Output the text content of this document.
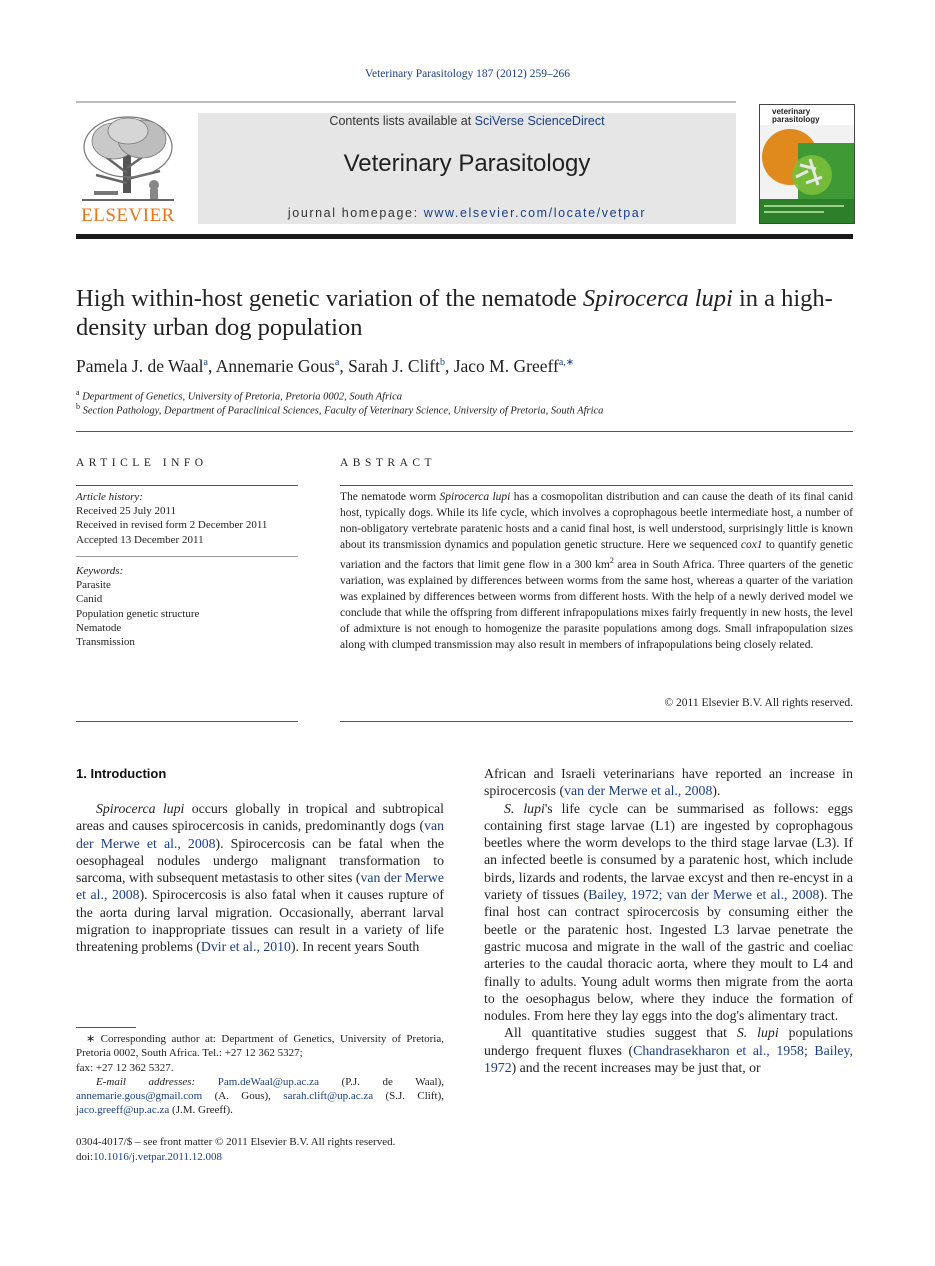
Veterinary Parasitology 187 (2012) 259–266
ELSEVIER
Contents lists available at SciVerse ScienceDirect
Veterinary Parasitology
journal homepage: www.elsevier.com/locate/vetpar
veterinary parasitology
High within-host genetic variation of the nematode Spirocerca lupi in a high-density urban dog population
Pamela J. de Waal$^a$, Annemarie Gous$^a$, Sarah J. Clift$^b$, Jaco M. Greeff$^{a,∗}$
$^a$ Department of Genetics, University of Pretoria, Pretoria 0002, South Africa
$^b$ Section Pathology, Department of Paraclinical Sciences, Faculty of Veterinary Science, University of Pretoria, South Africa
ARTICLE INFO
Article history:
Received 25 July 2011
Received in revised form 2 December 2011
Accepted 13 December 2011
Keywords:
Parasite
Canid
Population genetic structure
Nematode
Transmission
ABSTRACT
The nematode worm Spirocerca lupi has a cosmopolitan distribution and can cause the death of its final canid host, typically dogs. While its life cycle, which involves a coprophagous beetle intermediate host, a number of non-obligatory vertebrate paratenic hosts and a canid final host, is well understood, surprisingly little is known about its transmission dynamics and population genetic structure. Here we sequenced cox1 to quantify genetic variation and the factors that limit gene flow in a 300 $km^2$ area in South Africa. Three quarters of the genetic variation, was explained by differences between worms from the same host, whereas a quarter of the variation was explained by differences between worms from different hosts. With the help of a newly derived model we conclude that while the offspring from different infrapopulations mixes fairly frequently in new hosts, the level of admixture is not enough to homogenize the parasite populations among dogs. Small infrapopulation sizes along with clumped transmission may also result in members of infrapopulations being closely related.
© 2011 Elsevier B.V. All rights reserved.
1. Introduction
Spirocerca lupi occurs globally in tropical and subtropical areas and causes spirocercosis in canids, predominantly dogs (van der Merwe et al., 2008). Spirocercosis can be fatal when the oesophageal nodules undergo malignant transformation to sarcoma, with subsequent metastasis to other sites (van der Merwe et al., 2008). Spirocercosis is also fatal when it causes rupture of the aorta during larval migration. Occasionally, aberrant larval migration to inappropriate tissues can result in a variety of life threatening problems (Dvir et al., 2010). In recent years South

African and Israeli veterinarians have reported an increase in spirocercosis (van der Merwe et al., 2008).

S. lupi's life cycle can be summarised as follows: eggs containing first stage larvae (L1) are ingested by coprophagous beetles where the worm develops to the third stage larvae (L3). If an infected beetle is consumed by a paratenic host, which include birds, lizards and rodents, the larvae excyst and then re-encyst in a variety of tissues (Bailey, 1972; van der Merwe et al., 2008). The final host can contract spirocercosis by consuming either the beetle or the paratenic host. Ingested L3 larvae penetrate the gastric mucosa and migrate in the wall of the gastric and coeliac arteries to the caudal thoracic aorta, where they moult to L4 and finally to adults. Young adult worms then migrate from the aorta to the oesophagus below, where they induce the formation of nodules. From here they lay eggs into the dog's alimentary tract.

All quantitative studies suggest that S. lupi populations undergo frequent fluxes (Chandrasekharon et al., 1958; Bailey, 1972) and the recent increases may be just that, or

∗ Corresponding author at: Department of Genetics, University of Pretoria, Pretoria 0002, South Africa. Tel.: +27 12 362 5327;
fax: +27 12 362 5327.
E-mail addresses: Pam.deWaal@up.ac.za (P.J. de Waal), annemarie.gous@gmail.com (A. Gous), sarah.clift@up.ac.za (S.J. Clift), jaco.greeff@up.ac.za (J.M. Greeff).
0304-4017/$ – see front matter © 2011 Elsevier B.V. All rights reserved.
doi:10.1016/j.vetpar.2011.12.008
